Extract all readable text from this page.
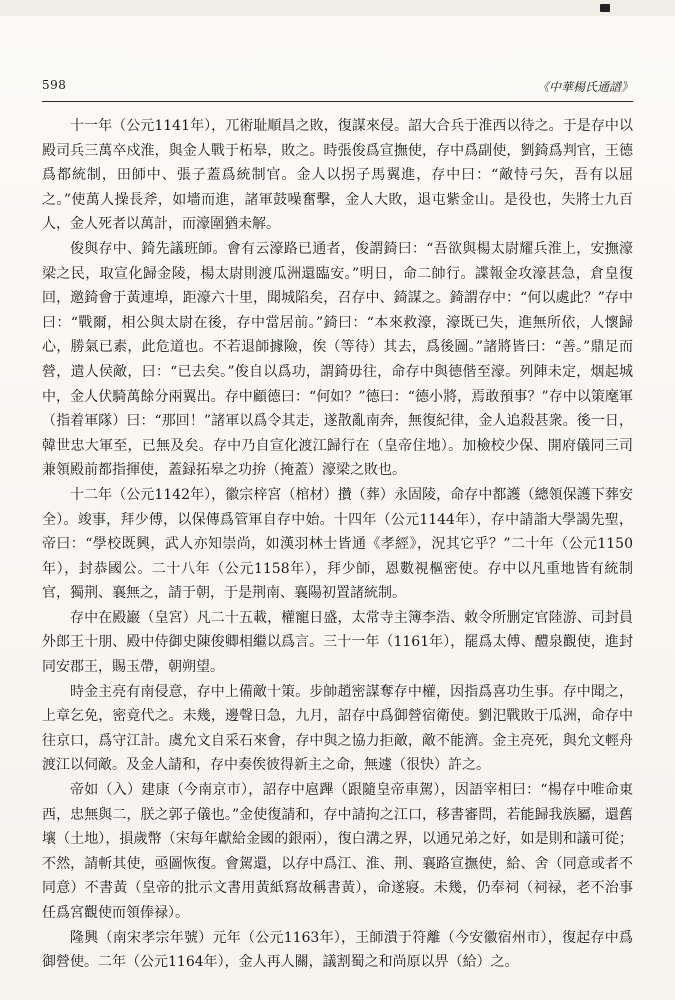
598	《中華楊氏通譜》

十一年（公元1141年），兀術耻順昌之敗，復謀來侵。詔大合兵于淮西以待之。于是存中以殿司兵三萬卒戍淮，與金人戰于柘皋，敗之。時張俊爲宣撫使，存中爲副使，劉錡爲判官，王德爲都統制，田師中、張子蓋爲統制官。金人以拐子馬翼進，存中曰：“敵恃弓矢，吾有以屈之。”使萬人操長斧，如墻而進，諸軍鼓噪奮擊，金人大敗，退屯紫金山。是役也，失將士九百人，金人死者以萬計，而濠圍猶未解。

俊與存中、錡先議班師。會有云濠路已通者，俊謂錡曰：“吾欲與楊太尉耀兵淮上，安撫濠梁之民，取宣化歸金陵，楊太尉則渡瓜洲還臨安。”明日，命二帥行。諜報金攻濠甚急，倉皇復回，邀錡會于黃連埠，距濠六十里，聞城陷矣，召存中、錡謀之。錡謂存中：“何以處此？”存中曰：“戰爾，相公與太尉在後，存中當居前。”錡曰：“本來救濠，濠既已失，進無所依，人懷歸心，勝氣已素，此危道也。不若退師據險，俟（等待）其去，爲後圖。”諸將皆曰：“善。”鼎足而營，遣人侯敵，曰：“已去矣。”俊自以爲功，謂錡毋往，命存中與德偕至濠。列陣未定，烟起城中，金人伏騎萬餘分兩翼出。存中顧德曰：“何如？”德曰：“德小將，焉敢預事？”存中以策麾軍（指着軍隊）曰：“那回！”諸軍以爲令其走，遂散亂南奔，無復紀律，金人追殺甚衆。後一日，韓世忠大軍至，已無及矣。存中乃自宣化渡江歸行在（皇帝住地）。加檢校少保、開府儀同三司兼領殿前都指揮使，蓋録拓皋之功拚（掩蓋）濠梁之敗也。

十二年（公元1142年），徽宗梓宮（棺材）攢（葬）永固陵，命存中都護（總領保護下葬安全）。竣事，拜少傅，以保傳爲管軍自存中始。十四年（公元1144年），存中請詣大學謁先聖，帝曰：“學校既興，武人亦知崇尚，如漢羽林士皆通《孝經》，況其它乎？”二十年（公元1150年），封恭國公。二十八年（公元1158年），拜少師，恩數視樞密使。存中以凡重地皆有統制官，獨荆、襄無之，請于朝，于是荆南、襄陽初置諸統制。

存中在殿巖（皇宮）凡二十五載，權寵日盛，太常寺主簿李浩、敕令所删定官陸游、司封員外郎王十朋、殿中侍御史陳俊卿相繼以爲言。三十一年（1161年），罷爲太傅、醴泉觀使，進封同安郡王，賜玉帶，朝朔望。

時金主亮有南侵意，存中上備敵十策。步帥趙密謀奪存中權，因指爲喜功生事。存中聞之，上章乞免，密竟代之。未幾，邊聲日急，九月，詔存中爲御營宿衛使。劉汜戰敗于瓜洲，命存中往京口，爲守江計。虞允文自采石來會，存中與之協力拒敵，敵不能濟。金主亮死，與允文輕舟渡江以伺敵。及金人請和，存中奏俟彼得新主之命，無遽（很快）許之。

帝如（入）建康（今南京市），詔存中扈蹕（跟隨皇帝車駕），因語宰相曰：“楊存中唯命東西，忠無與二，朕之郭子儀也。”金使復請和，存中請拘之江口，移書審問，若能歸我族屬，還舊壤（土地），損歲幣（宋每年獻給金國的銀兩），復白溝之界，以通兄弟之好，如是則和議可從；不然，請斬其使，亟圖恢復。會駕還，以存中爲江、淮、荆、襄路宣撫使，給、舍（同意或者不同意）不書黃（皇帝的批示文書用黃紙寫故稱書黃），命遂寢。未幾，仍奉祠（祠禄，老不治事任爲宮觀使而領俸禄）。

隆興（南宋孝宗年號）元年（公元1163年），王師潰于符離（今安徽宿州市），復起存中爲御營使。二年（公元1164年），金人再人關，議割蜀之和尚原以畀（給）之。
